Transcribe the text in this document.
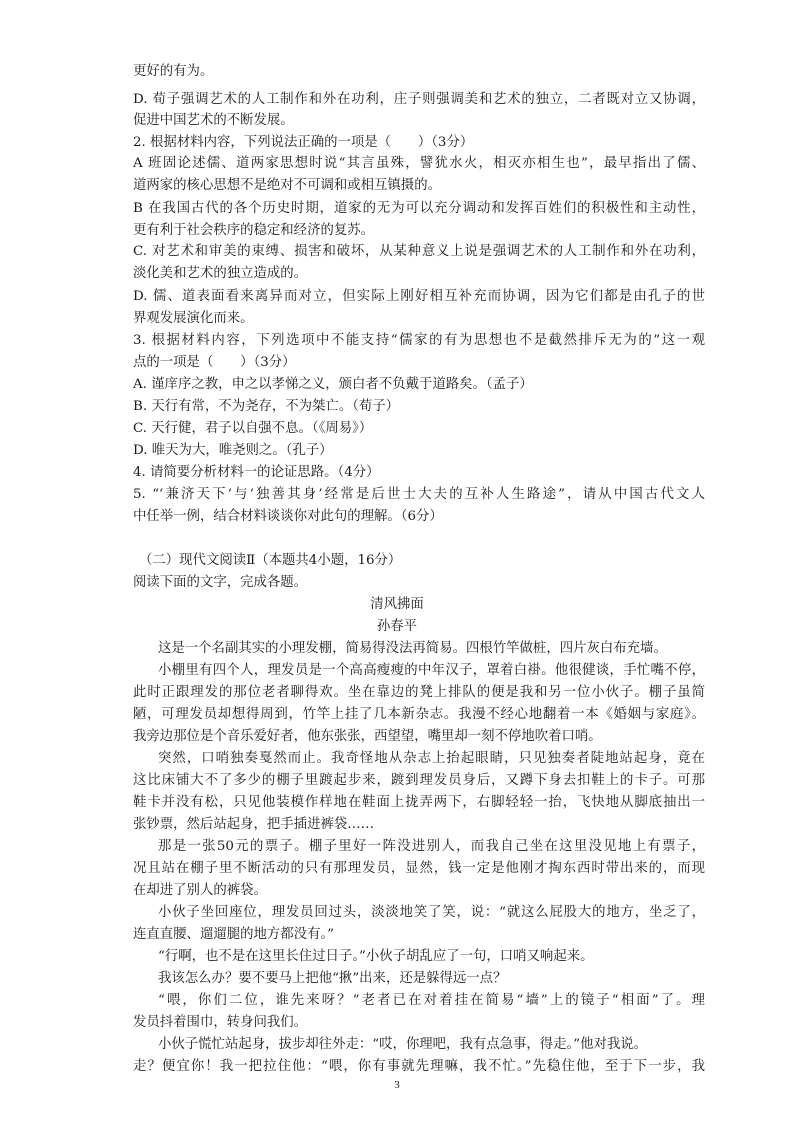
更好的有为。
D. 荀子强调艺术的人工制作和外在功利，庄子则强调美和艺术的独立，二者既对立又协调，
促进中国艺术的不断发展。
2. 根据材料内容，下列说法正确的一项是（　　）（3分）
A 班固论述儒、道两家思想时说“其言虽殊，譬犹水火，相灭亦相生也”，最早指出了儒、
道两家的核心思想不是绝对不可调和或相互镇摄的。
B 在我国古代的各个历史时期，道家的无为可以充分调动和发挥百姓们的积极性和主动性，
更有利于社会秩序的稳定和经济的复苏。
C. 对艺术和审美的束缚、损害和破坏，从某种意义上说是强调艺术的人工制作和外在功利，
淡化美和艺术的独立造成的。
D. 儒、道表面看来离异而对立，但实际上刚好相互补充而协调，因为它们都是由孔子的世
界观发展演化而来。
3. 根据材料内容，下列选项中不能支持“儒家的有为思想也不是截然排斥无为的”这一观
点的一项是（　　）（3分）
A. 谨庠序之教，申之以孝悌之义，颁白者不负戴于道路矣。（孟子）
B. 天行有常，不为尧存，不为桀亡。（荀子）
C. 天行健，君子以自强不息。（《周易》）
D. 唯天为大，唯尧则之。（孔子）
4. 请简要分析材料一的论证思路。（4分）
5. “‘兼济天下’与‘独善其身’经常是后世士大夫的互补人生路途”，请从中国古代文人
中任举一例，结合材料谈谈你对此句的理解。（6分）
（二）现代文阅读Ⅱ（本题共4小题，16分）
阅读下面的文字，完成各题。
清风拂面
孙春平
这是一个名副其实的小理发棚，简易得没法再简易。四根竹竿做桩，四片灰白布充墙。
小棚里有四个人，理发员是一个高高瘦瘦的中年汉子，罩着白褂。他很健谈，手忙嘴不停，
此时正跟理发的那位老者聊得欢。坐在靠边的凳上排队的便是我和另一位小伙子。棚子虽简
陋，可理发员却想得周到，竹竿上挂了几本新杂志。我漫不经心地翻着一本《婚姻与家庭》。
我旁边那位是个音乐爱好者，他东张张，西望望，嘴里却一刻不停地吹着口哨。
突然，口哨独奏戛然而止。我奇怪地从杂志上抬起眼睛，只见独奏者陡地站起身，竟在
这比床铺大不了多少的棚子里踱起步来，踱到理发员身后，又蹲下身去扣鞋上的卡子。可那
鞋卡并没有松，只见他装模作样地在鞋面上拢弄两下，右脚轻轻一抬，飞快地从脚底抽出一
张钞票，然后站起身，把手插进裤袋……
那是一张50元的票子。棚子里好一阵没进别人，而我自己坐在这里没见地上有票子，
况且站在棚子里不断活动的只有那理发员，显然，钱一定是他刚才掏东西时带出来的，而现
在却进了别人的裤袋。
小伙子坐回座位，理发员回过头，淡淡地笑了笑，说：“就这么屁股大的地方，坐乏了，
连直直腰、遛遛腿的地方都没有。”
“行啊，也不是在这里长住过日子。”小伙子胡乱应了一句，口哨又响起来。
我该怎么办？要不要马上把他“揪”出来，还是躲得远一点？
“喂，你们二位，谁先来呀？”老者已在对着挂在简易“墙”上的镜子“相面”了。理
发员抖着围巾，转身问我们。
小伙子慌忙站起身，拔步却往外走：“哎，你理吧，我有点急事，得走。”他对我说。
走？便宜你！我一把拉住他：“喂，你有事就先理嘛，我不忙。”先稳住他，至于下一步，我
3
